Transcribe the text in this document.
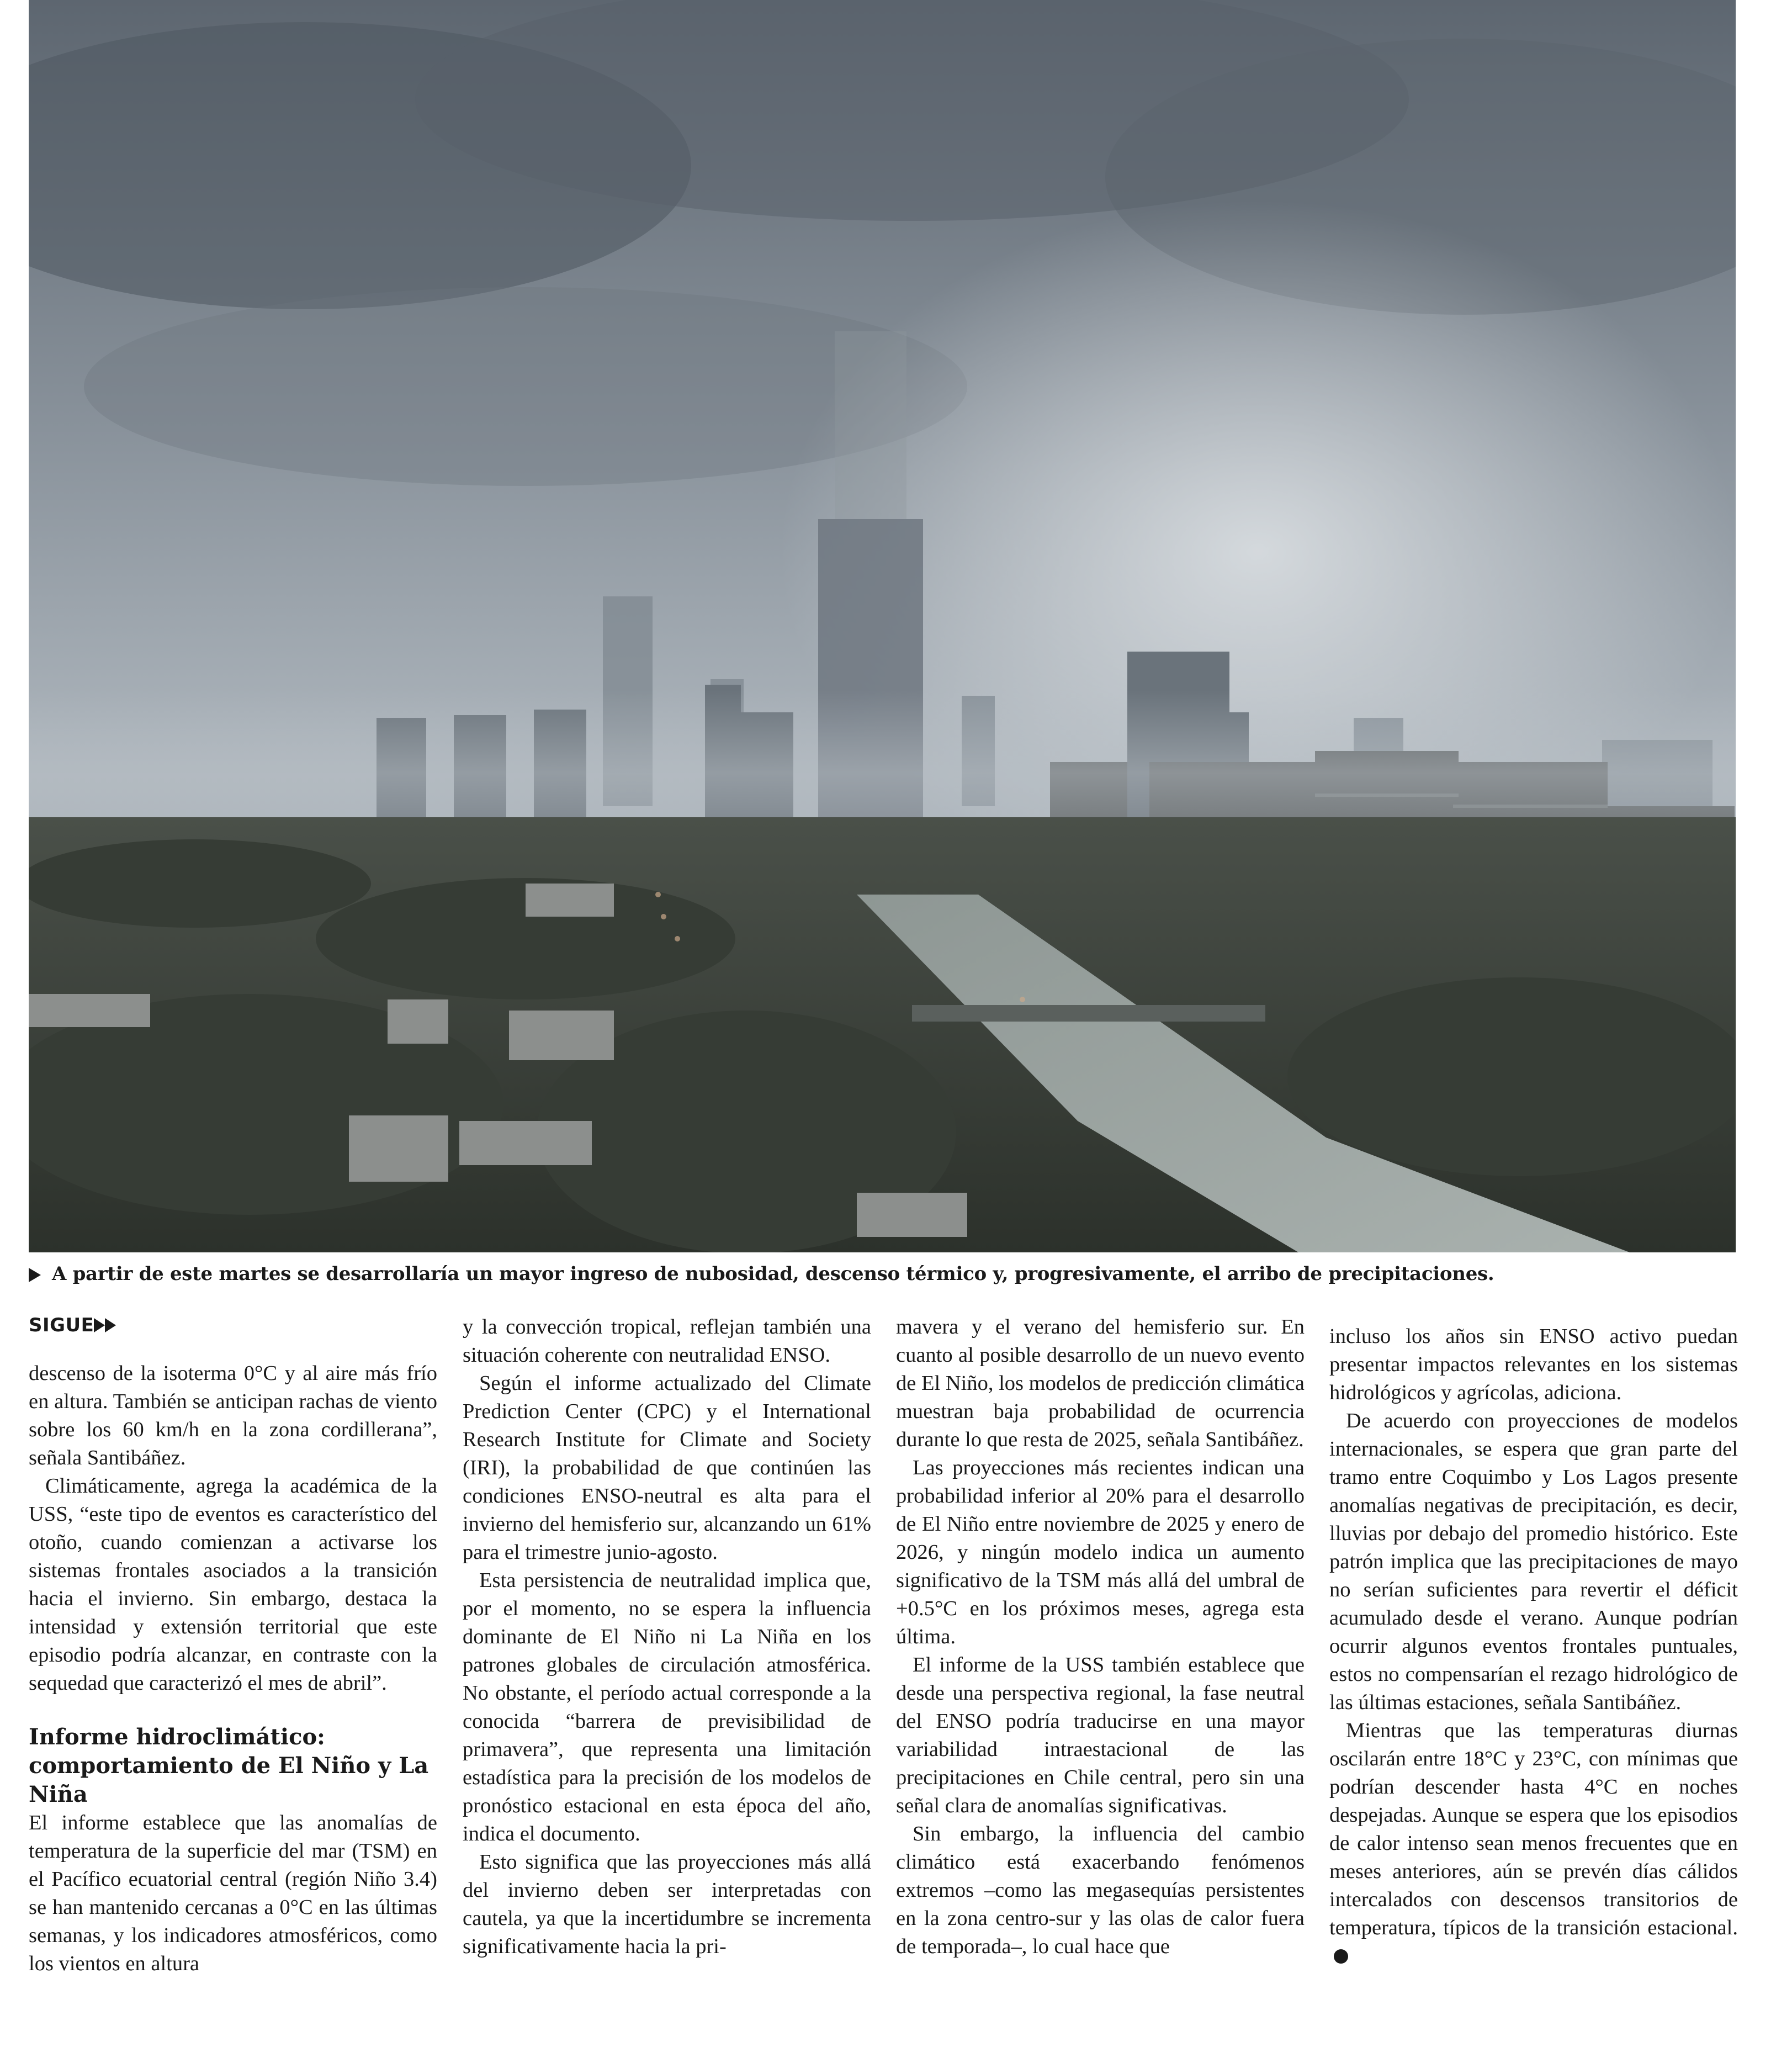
A partir de este martes se desarrollaría un mayor ingreso de nubosidad, descenso térmico y, progresivamente, el arribo de precipitaciones.
SIGUE

descenso de la isoterma 0°C y al aire más frío en altura. También se anticipan rachas de viento sobre los 60 km/h en la zona cordillerana”, señala Santibáñez.

Climáticamente, agrega la académica de la USS, “este tipo de eventos es característico del otoño, cuando comienzan a activarse los sistemas frontales asociados a la transición hacia el invierno. Sin embargo, destaca la intensidad y extensión territorial que este episodio podría alcanzar, en contraste con la sequedad que caracterizó el mes de abril”.

Informe hidroclimático:
comportamiento de El Niño y La Niña

El informe establece que las anomalías de temperatura de la superficie del mar (TSM) en el Pacífico ecuatorial central (región Niño 3.4) se han mantenido cercanas a 0°C en las últimas semanas, y los indicadores atmosféricos, como los vientos en altura

y la convección tropical, reflejan también una situación coherente con neutralidad ENSO.

Según el informe actualizado del Climate Prediction Center (CPC) y el International Research Institute for Climate and Society (IRI), la probabilidad de que continúen las condiciones ENSO-neutral es alta para el invierno del hemisferio sur, alcanzando un 61% para el trimestre junio-agosto.

Esta persistencia de neutralidad implica que, por el momento, no se espera la influencia dominante de El Niño ni La Niña en los patrones globales de circulación atmosférica. No obstante, el período actual corresponde a la conocida “barrera de previsibilidad de primavera”, que representa una limitación estadística para la precisión de los modelos de pronóstico estacional en esta época del año, indica el documento.

Esto significa que las proyecciones más allá del invierno deben ser interpretadas con cautela, ya que la incertidumbre se incrementa significativamente hacia la pri-

mavera y el verano del hemisferio sur. En cuanto al posible desarrollo de un nuevo evento de El Niño, los modelos de predicción climática muestran baja probabilidad de ocurrencia durante lo que resta de 2025, señala Santibáñez.

Las proyecciones más recientes indican una probabilidad inferior al 20% para el desarrollo de El Niño entre noviembre de 2025 y enero de 2026, y ningún modelo indica un aumento significativo de la TSM más allá del umbral de +0.5°C en los próximos meses, agrega esta última.

El informe de la USS también establece que desde una perspectiva regional, la fase neutral del ENSO podría traducirse en una mayor variabilidad intraestacional de las precipitaciones en Chile central, pero sin una señal clara de anomalías significativas.

Sin embargo, la influencia del cambio climático está exacerbando fenómenos extremos –como las megasequías persistentes en la zona centro-sur y las olas de calor fuera de temporada–, lo cual hace que

incluso los años sin ENSO activo puedan presentar impactos relevantes en los sistemas hidrológicos y agrícolas, adiciona.

De acuerdo con proyecciones de modelos internacionales, se espera que gran parte del tramo entre Coquimbo y Los Lagos presente anomalías negativas de precipitación, es decir, lluvias por debajo del promedio histórico. Este patrón implica que las precipitaciones de mayo no serían suficientes para revertir el déficit acumulado desde el verano. Aunque podrían ocurrir algunos eventos frontales puntuales, estos no compensarían el rezago hidrológico de las últimas estaciones, señala Santibáñez.

Mientras que las temperaturas diurnas oscilarán entre 18°C y 23°C, con mínimas que podrían descender hasta 4°C en noches despejadas. Aunque se espera que los episodios de calor intenso sean menos frecuentes que en meses anteriores, aún se prevén días cálidos intercalados con descensos transitorios de temperatura, típicos de la transición estacional.
